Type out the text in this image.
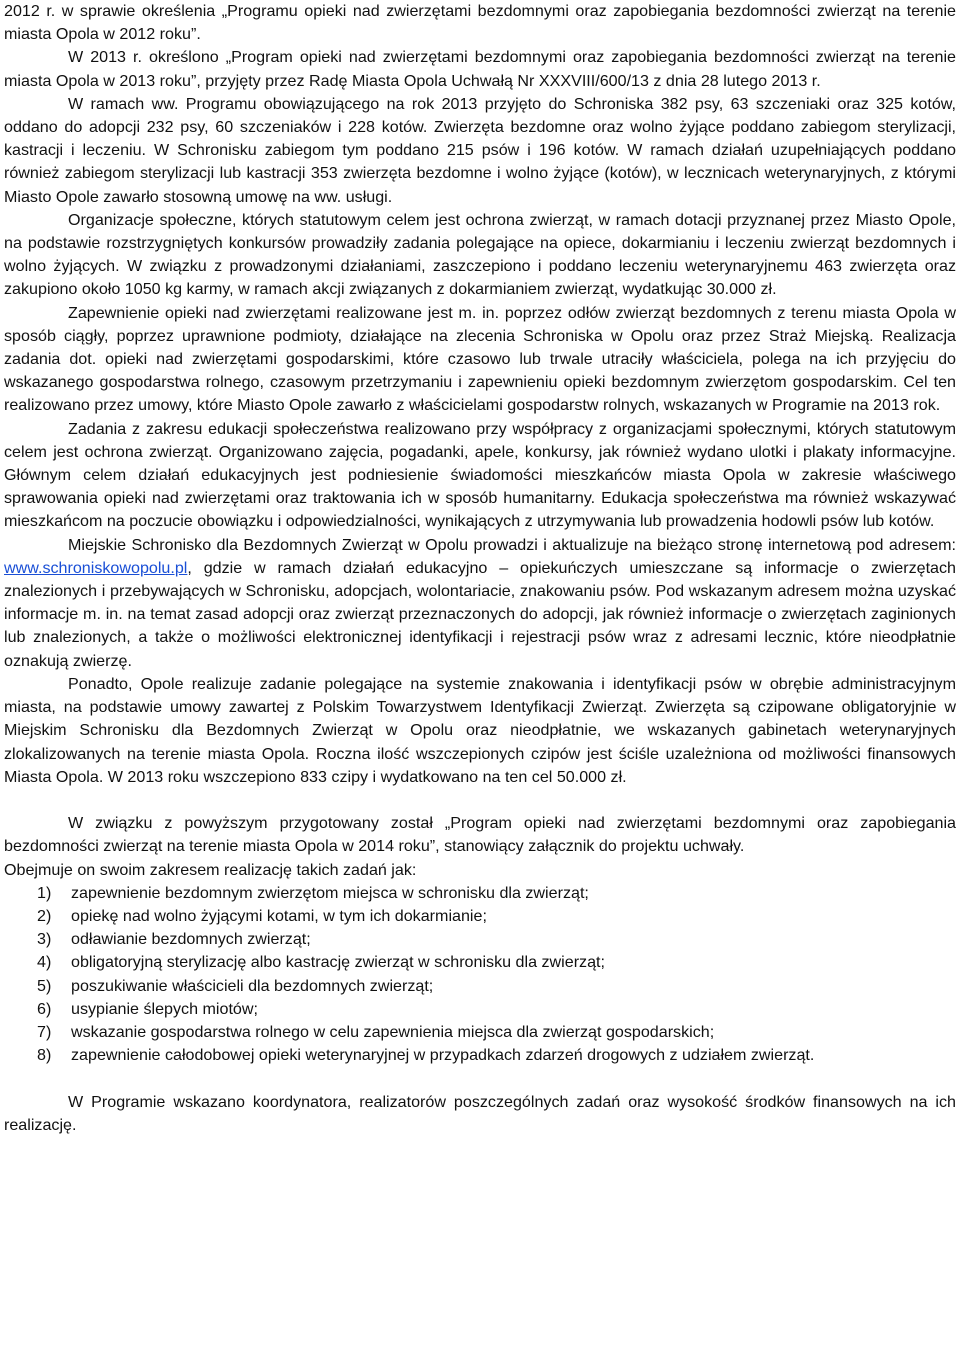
2012 r. w sprawie określenia „Programu opieki nad zwierzętami bezdomnymi oraz zapobiegania bezdomności zwierząt na terenie miasta Opola w 2012 roku”.

W 2013 r. określono „Program opieki nad zwierzętami bezdomnymi oraz zapobiegania bezdomności zwierząt na terenie miasta Opola w 2013 roku”, przyjęty przez Radę Miasta Opola Uchwałą Nr XXXVIII/600/13 z dnia 28 lutego 2013 r.

W ramach ww. Programu obowiązującego na rok 2013 przyjęto do Schroniska 382 psy, 63 szczeniaki oraz 325 kotów, oddano do adopcji 232 psy, 60 szczeniaków i 228 kotów. Zwierzęta bezdomne oraz wolno żyjące poddano zabiegom sterylizacji, kastracji i leczeniu. W Schronisku zabiegom tym poddano 215 psów i 196 kotów. W ramach działań uzupełniających poddano również zabiegom sterylizacji lub kastracji 353 zwierzęta bezdomne i wolno żyjące (kotów), w lecznicach weterynaryjnych, z którymi Miasto Opole zawarło stosowną umowę na ww. usługi.

Organizacje społeczne, których statutowym celem jest ochrona zwierząt, w ramach dotacji przyznanej przez Miasto Opole, na podstawie rozstrzygniętych konkursów prowadziły zadania polegające na opiece, dokarmianiu i leczeniu zwierząt bezdomnych i wolno żyjących. W związku z prowadzonymi działaniami, zaszczepiono i poddano leczeniu weterynaryjnemu 463 zwierzęta oraz zakupiono około 1050 kg karmy, w ramach akcji związanych z dokarmianiem zwierząt, wydatkując 30.000 zł.

Zapewnienie opieki nad zwierzętami realizowane jest m. in. poprzez odłów zwierząt bezdomnych z terenu miasta Opola w sposób ciągły, poprzez uprawnione podmioty, działające na zlecenia Schroniska w Opolu oraz przez Straż Miejską. Realizacja zadania dot. opieki nad zwierzętami gospodarskimi, które czasowo lub trwale utraciły właściciela, polega na ich przyjęciu do wskazanego gospodarstwa rolnego, czasowym przetrzymaniu i zapewnieniu opieki bezdomnym zwierzętom gospodarskim. Cel ten realizowano przez umowy, które Miasto Opole zawarło z właścicielami gospodarstw rolnych, wskazanych w Programie na 2013 rok.

Zadania z zakresu edukacji społeczeństwa realizowano przy współpracy z organizacjami społecznymi, których statutowym celem jest ochrona zwierząt. Organizowano zajęcia, pogadanki, apele, konkursy, jak również wydano ulotki i plakaty informacyjne. Głównym celem działań edukacyjnych jest podniesienie świadomości mieszkańców miasta Opola w zakresie właściwego sprawowania opieki nad zwierzętami oraz traktowania ich w sposób humanitarny. Edukacja społeczeństwa ma również wskazywać mieszkańcom na poczucie obowiązku i odpowiedzialności, wynikających z utrzymywania lub prowadzenia hodowli psów lub kotów.

Miejskie Schronisko dla Bezdomnych Zwierząt w Opolu prowadzi i aktualizuje na bieżąco stronę internetową pod adresem: www.schroniskowopolu.pl, gdzie w ramach działań edukacyjno – opiekuńczych umieszczane są informacje o zwierzętach znalezionych i przebywających w Schronisku, adopcjach, wolontariacie, znakowaniu psów. Pod wskazanym adresem można uzyskać informacje m. in. na temat zasad adopcji oraz zwierząt przeznaczonych do adopcji, jak również informacje o zwierzętach zaginionych lub znalezionych, a także o możliwości elektronicznej identyfikacji i rejestracji psów wraz z adresami lecznic, które nieodpłatnie oznakują zwierzę.

Ponadto, Opole realizuje zadanie polegające na systemie znakowania i identyfikacji psów w obrębie administracyjnym miasta, na podstawie umowy zawartej z Polskim Towarzystwem Identyfikacji Zwierząt. Zwierzęta są czipowane obligatoryjnie w Miejskim Schronisku dla Bezdomnych Zwierząt w Opolu oraz nieodpłatnie, we wskazanych gabinetach weterynaryjnych zlokalizowanych na terenie miasta Opola. Roczna ilość wszczepionych czipów jest ściśle uzależniona od możliwości finansowych Miasta Opola. W 2013 roku wszczepiono 833 czipy i wydatkowano na ten cel 50.000 zł.

W związku z powyższym przygotowany został „Program opieki nad zwierzętami bezdomnymi oraz zapobiegania bezdomności zwierząt na terenie miasta Opola w 2014 roku”, stanowiący załącznik do projektu uchwały.

Obejmuje on swoim zakresem realizację takich zadań jak:

1) zapewnienie bezdomnym zwierzętom miejsca w schronisku dla zwierząt;
2) opiekę nad wolno żyjącymi kotami, w tym ich dokarmianie;
3) odławianie bezdomnych zwierząt;
4) obligatoryjną sterylizację albo kastrację zwierząt w schronisku dla zwierząt;
5) poszukiwanie właścicieli dla bezdomnych zwierząt;
6) usypianie ślepych miotów;
7) wskazanie gospodarstwa rolnego w celu zapewnienia miejsca dla zwierząt gospodarskich;
8) zapewnienie całodobowej opieki weterynaryjnej w przypadkach zdarzeń drogowych z udziałem zwierząt.

W Programie wskazano koordynatora, realizatorów poszczególnych zadań oraz wysokość środków finansowych na ich realizację.
